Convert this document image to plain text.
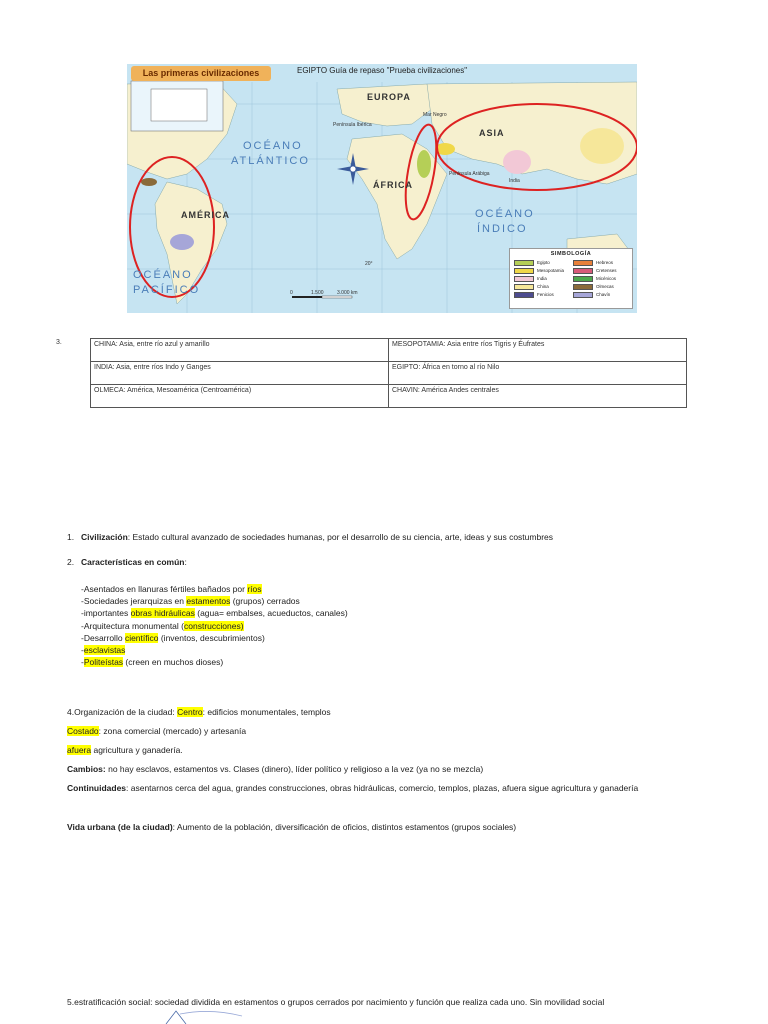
Las primeras civilizaciones	EGIPTO Guía de repaso "Prueba civilizaciones"
EUROPA
ASIA
ÁFRICA
AMÉRICA
OCÉANO
ATLÁNTICO
OCÉANO
ÍNDICO
OCÉANO
PACÍFICO
Mar Negro
Península Ibérica
Península Arábiga
India
20°
0	1.500	3.000 km
SIMBOLOGÍA
Egipto	Hebreos
Mesopotamia	Cretenses
India	Micénicos
China	Olmecas
Fenicios	Chavín
3.	CHINA: Asia, entre río azul y amarillo	MESOPOTAMIA: Asia entre ríos Tigris y Éufrates
INDIA: Asia, entre ríos Indo y Ganges	EGIPTO: África en torno al río Nilo
OLMECA: América, Mesoamérica (Centroamérica)	CHAVIN: América Andes centrales
1. Civilización: Estado cultural avanzado de sociedades humanas, por el desarrollo de su ciencia, arte, ideas y sus costumbres
2. Características en común:
-Asentados en llanuras fértiles bañados por ríos
-Sociedades jerarquizas en estamentos (grupos) cerrados
-importantes obras hidráulicas (agua= embalses, acueductos, canales)
-Arquitectura monumental (construcciones)
-Desarrollo científico (inventos, descubrimientos)
-esclavistas
-Politeístas (creen en muchos dioses)
4.Organización de la ciudad: Centro: edificios monumentales, templos
Costado: zona comercial (mercado) y artesanía
afuera agricultura y ganadería.
Cambios: no hay esclavos, estamentos vs. Clases (dinero), líder político y religioso a la vez (ya no se mezcla)
Continuidades: asentarnos cerca del agua, grandes construcciones, obras hidráulicas, comercio, templos, plazas, afuera sigue agricultura y ganadería
Vida urbana (de la ciudad): Aumento de la población, diversificación de oficios, distintos estamentos (grupos sociales)
5.estratificación social: sociedad dividida en estamentos o grupos cerrados por nacimiento y función que realiza cada uno. Sin movilidad social
